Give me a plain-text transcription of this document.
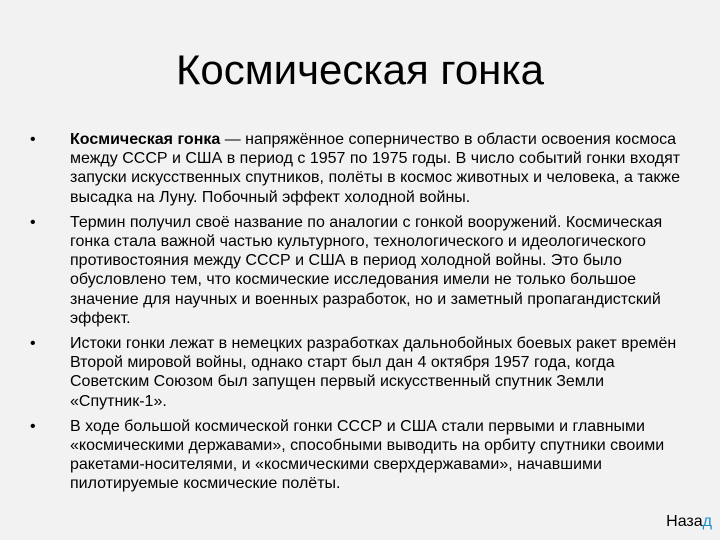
Космическая гонка
• Космическая гонка — напряжённое соперничество в области освоения космоса между СССР и США в период с 1957 по 1975 годы. В число событий гонки входят запуски искусственных спутников, полёты в космос животных и человека, а также высадка на Луну. Побочный эффект холодной войны.
• Термин получил своё название по аналогии с гонкой вооружений. Космическая гонка стала важной частью культурного, технологического и идеологического противостояния между СССР и США в период холодной войны. Это было обусловлено тем, что космические исследования имели не только большое значение для научных и военных разработок, но и заметный пропагандистский эффект.
• Истоки гонки лежат в немецких разработках дальнобойных боевых ракет времён Второй мировой войны, однако старт был дан 4 октября 1957 года, когда Советским Союзом был запущен первый искусственный спутник Земли «Спутник-1».
• В ходе большой космической гонки СССР и США стали первыми и главными «космическими державами», способными выводить на орбиту спутники своими ракетами-носителями, и «космическими сверхдержавами», начавшими пилотируемые космические полёты.
Назад
